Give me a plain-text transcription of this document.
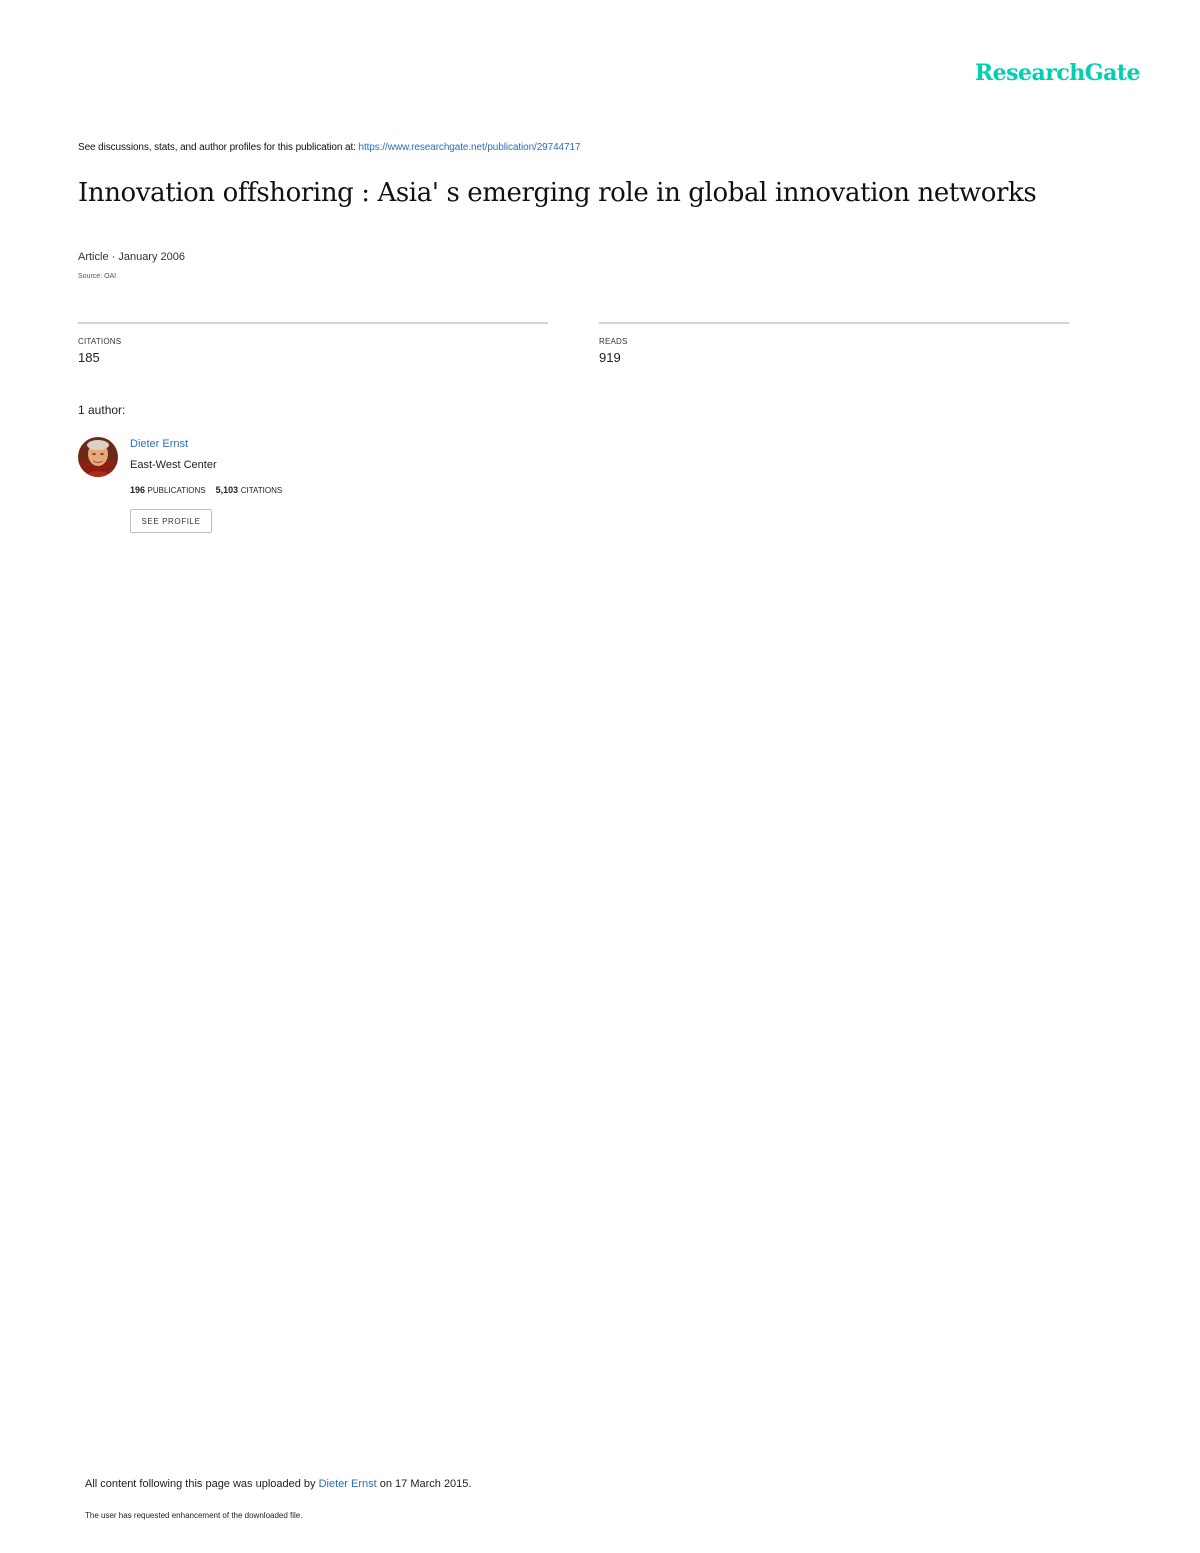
ResearchGate
See discussions, stats, and author profiles for this publication at: https://www.researchgate.net/publication/29744717
Innovation offshoring : Asia' s emerging role in global innovation networks
Article · January 2006
Source: OAI
CITATIONS
185
READS
919
1 author:
Dieter Ernst
East-West Center
196 PUBLICATIONS 5,103 CITATIONS
SEE PROFILE
All content following this page was uploaded by Dieter Ernst on 17 March 2015.
The user has requested enhancement of the downloaded file.
